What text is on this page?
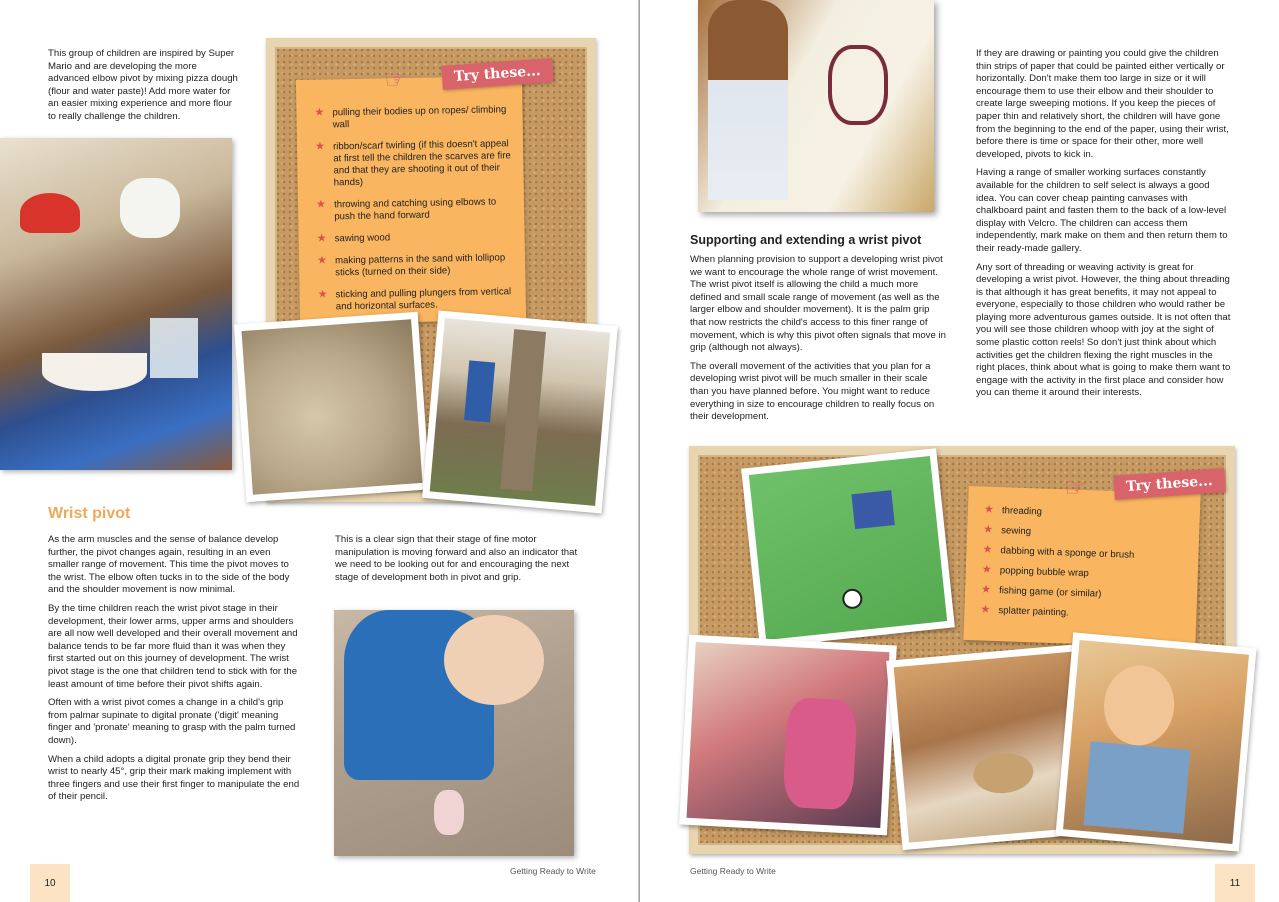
This group of children are inspired by Super Mario and are developing the more advanced elbow pivot by mixing pizza dough (flour and water paste)! Add more water for an easier mixing experience and more flour to really challenge the children.	★ pulling their bodies up on ropes/ climbing wall
★ ribbon/scarf twirling (if this doesn't appeal at first tell the children the scarves are fire and that they are shooting it out of their hands)
★ throwing and catching using elbows to push the hand forward
★ sawing wood
★ making patterns in the sand with lollipop sticks (turned on their side)
★ sticking and pulling plungers from vertical and horizontal surfaces.
☞	Try these...
Wrist pivot

As the arm muscles and the sense of balance develop further, the pivot changes again, resulting in an even smaller range of movement. This time the pivot moves to the wrist. The elbow often tucks in to the side of the body and the shoulder movement is now minimal.

By the time children reach the wrist pivot stage in their development, their lower arms, upper arms and shoulders are all now well developed and their overall movement and balance tends to be far more fluid than it was when they first started out on this journey of development. The wrist pivot stage is the one that children tend to stick with for the least amount of time before their pivot shifts again.

Often with a wrist pivot comes a change in a child's grip from palmar supinate to digital pronate ('digit' meaning finger and 'pronate' meaning to grasp with the palm turned down).

When a child adopts a digital pronate grip they bend their wrist to nearly 45°, grip their mark making implement with three fingers and use their first finger to manipulate the end of their pencil.

This is a clear sign that their stage of fine motor manipulation is moving forward and also an indicator that we need to be looking out for and encouraging the next stage of development both in pivot and grip.
10
Getting Ready to Write
Supporting and extending a wrist pivot

When planning provision to support a developing wrist pivot we want to encourage the whole range of wrist movement. The wrist pivot itself is allowing the child a much more defined and small scale range of movement (as well as the larger elbow and shoulder movement). It is the palm grip that now restricts the child's access to this finer range of movement, which is why this pivot often signals that move in grip (although not always).

The overall movement of the activities that you plan for a developing wrist pivot will be much smaller in their scale than you have planned before. You might want to reduce everything in size to encourage children to really focus on their development.

If they are drawing or painting you could give the children thin strips of paper that could be painted either vertically or horizontally. Don't make them too large in size or it will encourage them to use their elbow and their shoulder to create large sweeping motions. If you keep the pieces of paper thin and relatively short, the children will have gone from the beginning to the end of the paper, using their wrist, before there is time or space for their other, more well developed, pivots to kick in.

Having a range of smaller working surfaces constantly available for the children to self select is always a good idea. You can cover cheap painting canvases with chalkboard paint and fasten them to the back of a low-level display with Velcro. The children can access them independently, mark make on them and then return them to their ready-made gallery.

Any sort of threading or weaving activity is great for developing a wrist pivot. However, the thing about threading is that although it has great benefits, it may not appeal to everyone, especially to those children who would rather be playing more adventurous games outside. It is not often that you will see those children whoop with joy at the sight of some plastic cotton reels! So don't just think about which activities get the children flexing the right muscles in the right places, think about what is going to make them want to engage with the activity in the first place and consider how you can theme it around their interests.

★ threading
★ sewing
★ dabbing with a sponge or brush
★ popping bubble wrap
★ fishing game (or similar)
★ splatter painting.
☞	Try these...
Getting Ready to Write
11
